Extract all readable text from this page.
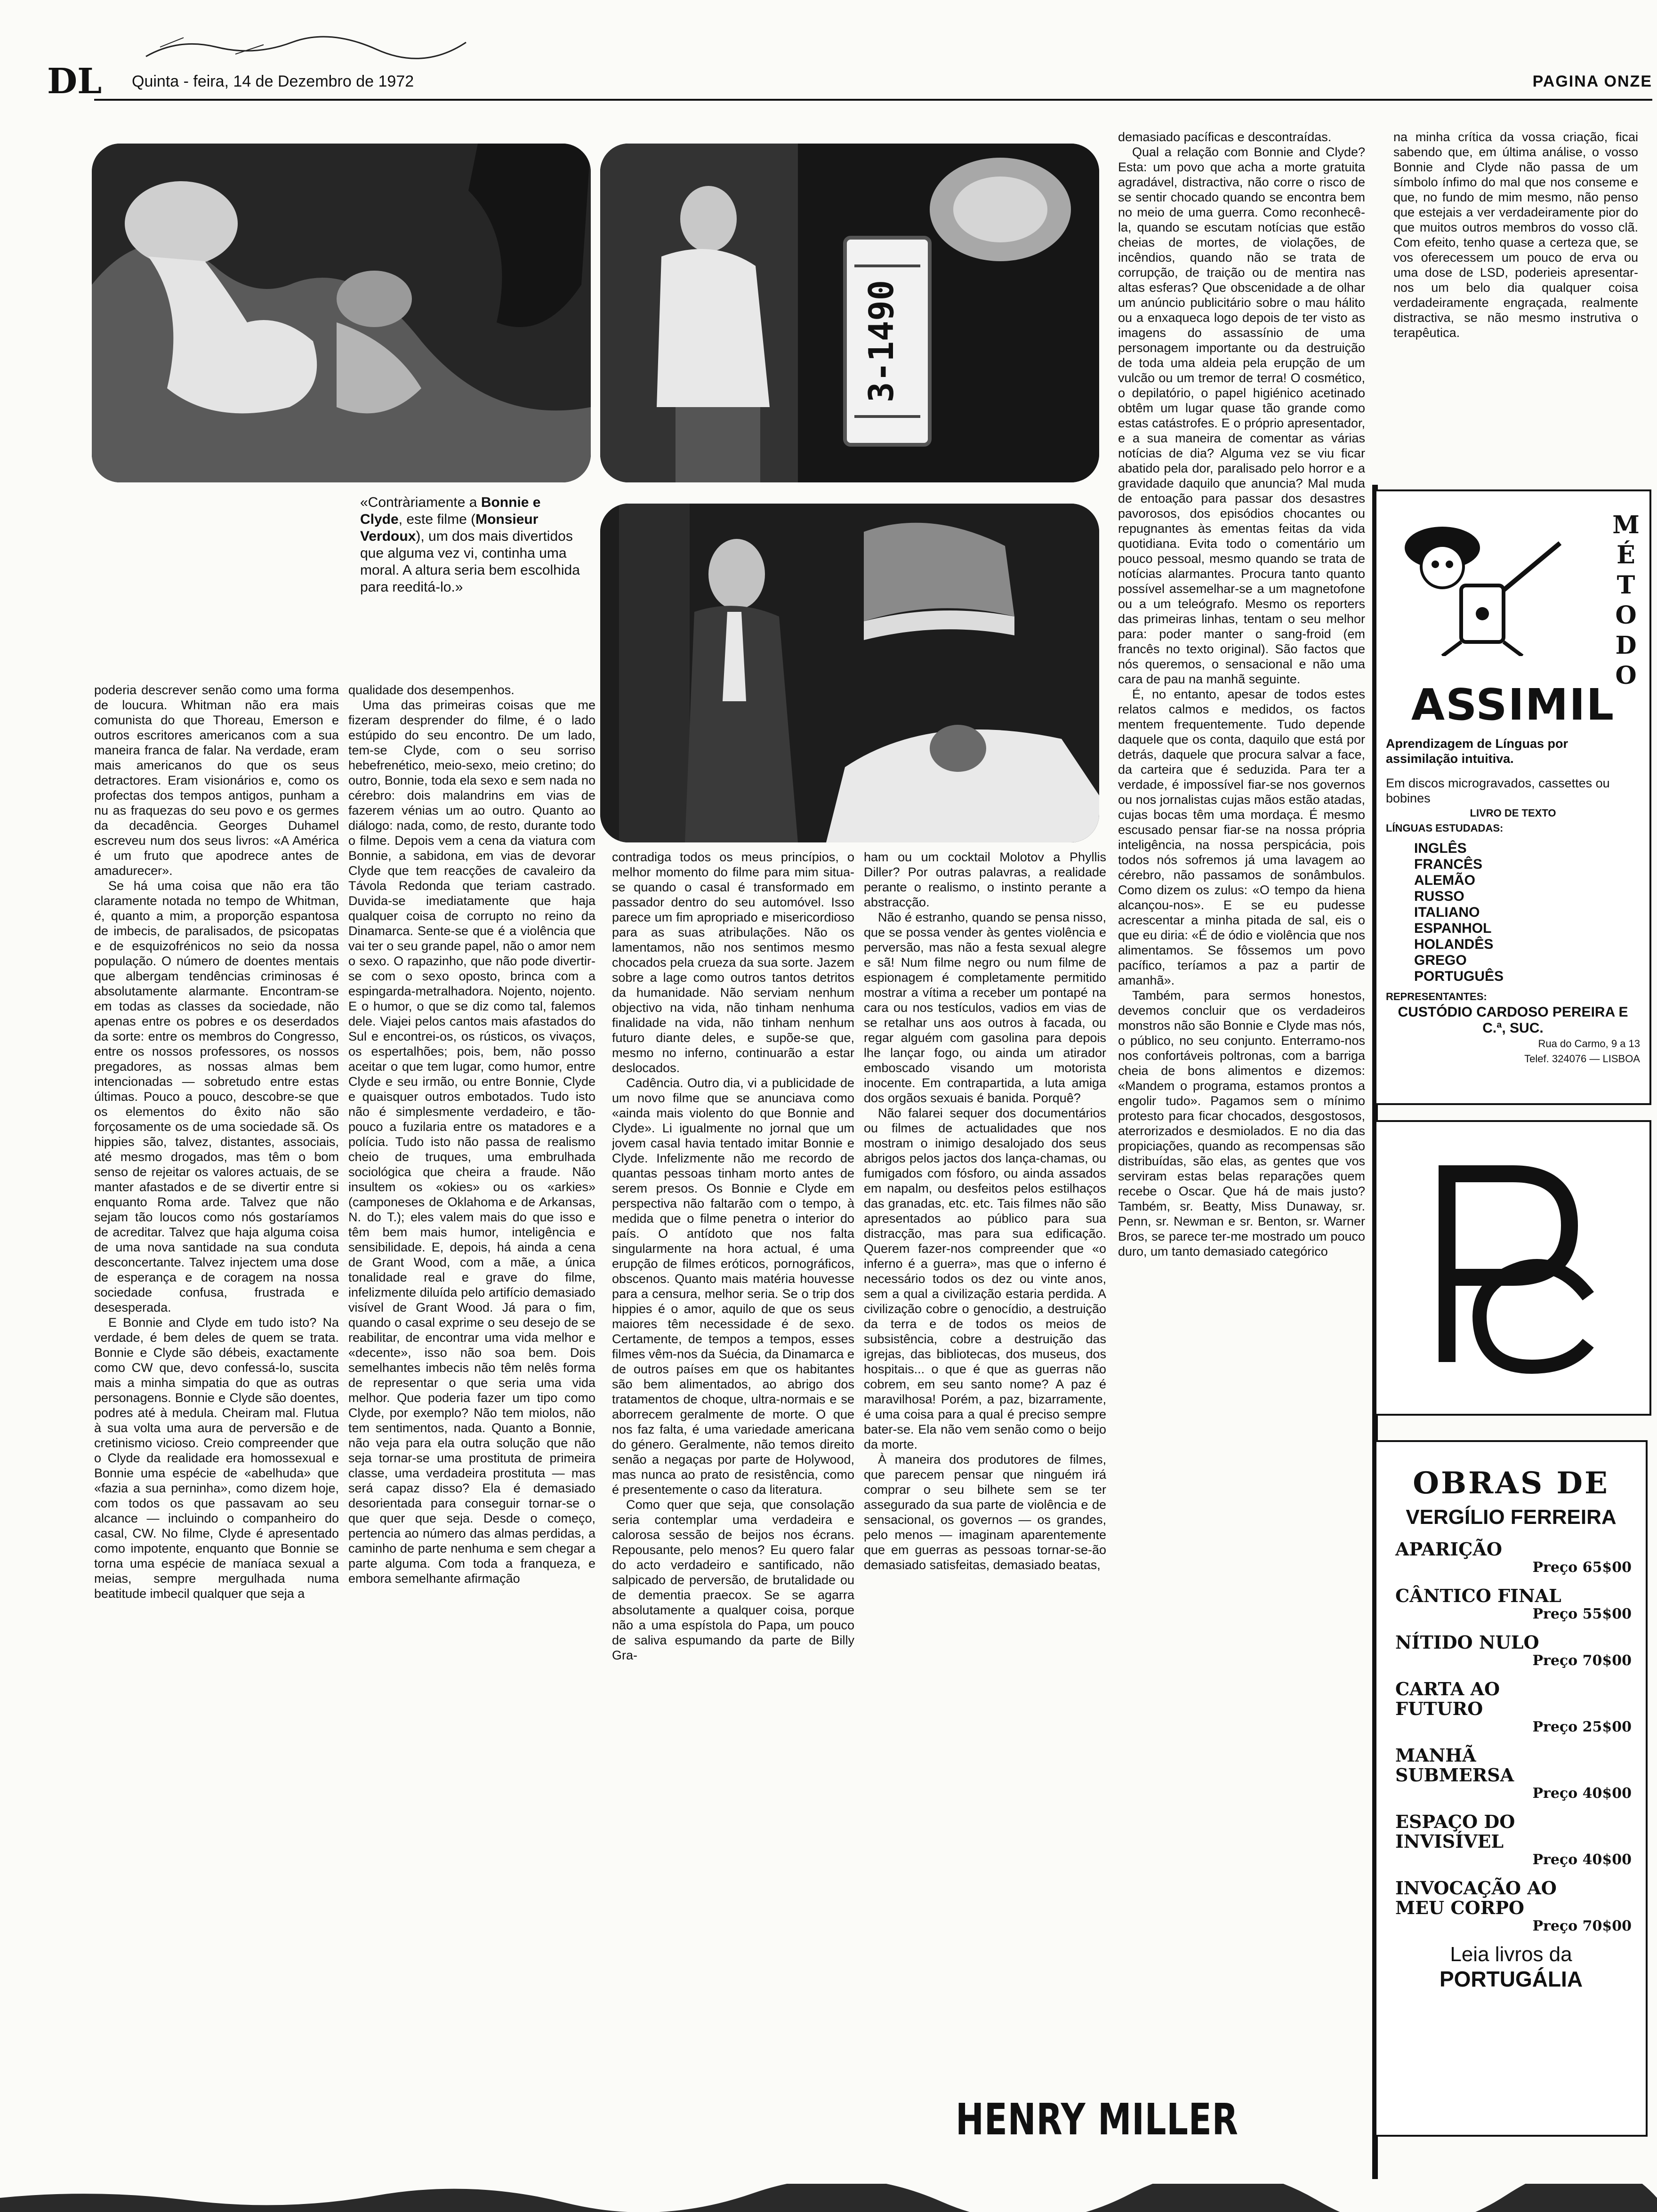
DL Quinta - feira, 14 de Dezembro de 1972	PAGINA ONZE
3-1490
«Contràriamente a Bonnie e Clyde, este filme (Monsieur Verdoux), um dos mais divertidos que alguma vez vi, continha uma moral. A altura seria bem escolhida para reeditá-lo.»

poderia descrever senão como uma forma de loucura. Whitman não era mais comunista do que Thoreau, Emerson e outros escritores americanos com a sua maneira franca de falar. Na verdade, eram mais americanos do que os seus detractores. Eram visionários e, como os profectas dos tempos antigos, punham a nu as fraquezas do seu povo e os germes da decadência. Georges Duhamel escreveu num dos seus livros: «A América é um fruto que apodrece antes de amadurecer».

Se há uma coisa que não era tão claramente notada no tempo de Whitman, é, quanto a mim, a proporção espantosa de imbecis, de paralisados, de psicopatas e de esquizofrénicos no seio da nossa população. O número de doentes mentais que albergam tendências criminosas é absolutamente alarmante. Encontram-se em todas as classes da sociedade, não apenas entre os pobres e os deserdados da sorte: entre os membros do Congresso, entre os nossos professores, os nossos pregadores, as nossas almas bem intencionadas — sobretudo entre estas últimas. Pouco a pouco, descobre-se que os elementos do êxito não são forçosamente os de uma sociedade sã. Os hippies são, talvez, distantes, associais, até mesmo drogados, mas têm o bom senso de rejeitar os valores actuais, de se manter afastados e de se divertir entre si enquanto Roma arde. Talvez que não sejam tão loucos como nós gostaríamos de acreditar. Talvez que haja alguma coisa de uma nova santidade na sua conduta desconcertante. Talvez injectem uma dose de esperança e de coragem na nossa sociedade confusa, frustrada e desesperada.

E Bonnie and Clyde em tudo isto? Na verdade, é bem deles de quem se trata. Bonnie e Clyde são débeis, exactamente como CW que, devo confessá-lo, suscita mais a minha simpatia do que as outras personagens. Bonnie e Clyde são doentes, podres até à medula. Cheiram mal. Flutua à sua volta uma aura de perversão e de cretinismo vicioso. Creio compreender que o Clyde da realidade era homossexual e Bonnie uma espécie de «abelhuda» que «fazia a sua perninha», como dizem hoje, com todos os que passavam ao seu alcance — incluindo o companheiro do casal, CW. No filme, Clyde é apresentado como impotente, enquanto que Bonnie se torna uma espécie de maníaca sexual a meias, sempre mergulhada numa beatitude imbecil qualquer que seja a

qualidade dos desempenhos.

Uma das primeiras coisas que me fizeram desprender do filme, é o lado estúpido do seu encontro. De um lado, tem-se Clyde, com o seu sorriso hebefrenético, meio-sexo, meio cretino; do outro, Bonnie, toda ela sexo e sem nada no cérebro: dois malandrins em vias de fazerem vénias um ao outro. Quanto ao diálogo: nada, como, de resto, durante todo o filme. Depois vem a cena da viatura com Bonnie, a sabidona, em vias de devorar Clyde que tem reacções de cavaleiro da Távola Redonda que teriam castrado. Duvida-se imediatamente que haja qualquer coisa de corrupto no reino da Dinamarca. Sente-se que é a violência que vai ter o seu grande papel, não o amor nem o sexo. O rapazinho, que não pode divertir-se com o sexo oposto, brinca com a espingarda-metralhadora. Nojento, nojento. E o humor, o que se diz como tal, falemos dele. Viajei pelos cantos mais afastados do Sul e encontrei-os, os rústicos, os vivaços, os espertalhões; pois, bem, não posso aceitar o que tem lugar, como humor, entre Clyde e seu irmão, ou entre Bonnie, Clyde e quaisquer outros embotados. Tudo isto não é simplesmente verdadeiro, e tão-pouco a fuzilaria entre os matadores e a polícia. Tudo isto não passa de realismo cheio de truques, uma embrulhada sociológica que cheira a fraude. Não insultem os «okies» ou os «arkies» (camponeses de Oklahoma e de Arkansas, N. do T.); eles valem mais do que isso e têm bem mais humor, inteligência e sensibilidade. E, depois, há ainda a cena de Grant Wood, com a mãe, a única tonalidade real e grave do filme, infelizmente diluída pelo artifício demasiado visível de Grant Wood. Já para o fim, quando o casal exprime o seu desejo de se reabilitar, de encontrar uma vida melhor e «decente», isso não soa bem. Dois semelhantes imbecis não têm nelês forma de representar o que seria uma vida melhor. Que poderia fazer um tipo como Clyde, por exemplo? Não tem miolos, não tem sentimentos, nada. Quanto a Bonnie, não veja para ela outra solução que não seja tornar-se uma prostituta de primeira classe, uma verdadeira prostituta — mas será capaz disso? Ela é demasiado desorientada para conseguir tornar-se o que quer que seja. Desde o começo, pertencia ao número das almas perdidas, a caminho de parte nenhuma e sem chegar a parte alguma. Com toda a franqueza, e embora semelhante afirmação

contradiga todos os meus princípios, o melhor momento do filme para mim situa-se quando o casal é transformado em passador dentro do seu automóvel. Isso parece um fim apropriado e misericordioso para as suas atribulações. Não os lamentamos, não nos sentimos mesmo chocados pela crueza da sua sorte. Jazem sobre a lage como outros tantos detritos da humanidade. Não serviam nenhum objectivo na vida, não tinham nenhuma finalidade na vida, não tinham nenhum futuro diante deles, e supõe-se que, mesmo no inferno, continuarão a estar deslocados.

Cadência. Outro dia, vi a publicidade de um novo filme que se anunciava como «ainda mais violento do que Bonnie and Clyde». Li igualmente no jornal que um jovem casal havia tentado imitar Bonnie e Clyde. Infelizmente não me recordo de quantas pessoas tinham morto antes de serem presos. Os Bonnie e Clyde em perspectiva não faltarão com o tempo, à medida que o filme penetra o interior do país. O antídoto que nos falta singularmente na hora actual, é uma erupção de filmes eróticos, pornográficos, obscenos. Quanto mais matéria houvesse para a censura, melhor seria. Se o trip dos hippies é o amor, aquilo de que os seus maiores têm necessidade é de sexo. Certamente, de tempos a tempos, esses filmes vêm-nos da Suécia, da Dinamarca e de outros países em que os habitantes são bem alimentados, ao abrigo dos tratamentos de choque, ultra-normais e se aborrecem geralmente de morte. O que nos faz falta, é uma variedade americana do género. Geralmente, não temos direito senão a negaças por parte de Holywood, mas nunca ao prato de resistência, como é presentemente o caso da literatura.

Como quer que seja, que consolação seria contemplar uma verdadeira e calorosa sessão de beijos nos écrans. Repousante, pelo menos? Eu quero falar do acto verdadeiro e santificado, não salpicado de perversão, de brutalidade ou de dementia praecox. Se se agarra absolutamente a qualquer coisa, porque não a uma espístola do Papa, um pouco de saliva espumando da parte de Billy Gra-

ham ou um cocktail Molotov a Phyllis Diller? Por outras palavras, a realidade perante o realismo, o instinto perante a abstracção.

Não é estranho, quando se pensa nisso, que se possa vender às gentes violência e perversão, mas não a festa sexual alegre e sã! Num filme negro ou num filme de espionagem é completamente permitido mostrar a vítima a receber um pontapé na cara ou nos testículos, vadios em vias de se retalhar uns aos outros à facada, ou regar alguém com gasolina para depois lhe lançar fogo, ou ainda um atirador emboscado visando um motorista inocente. Em contrapartida, a luta amiga dos orgãos sexuais é banida. Porquê?

Não falarei sequer dos documentários ou filmes de actualidades que nos mostram o inimigo desalojado dos seus abrigos pelos jactos dos lança-chamas, ou fumigados com fósforo, ou ainda assados em napalm, ou desfeitos pelos estilhaços das granadas, etc. etc. Tais filmes não são apresentados ao público para sua distracção, mas para sua edificação. Querem fazer-nos compreender que «o inferno é a guerra», mas que o inferno é necessário todos os dez ou vinte anos, sem a qual a civilização estaria perdida. A civilização cobre o genocídio, a destruição da terra e de todos os meios de subsistência, cobre a destruição das igrejas, das bibliotecas, dos museus, dos hospitais... o que é que as guerras não cobrem, em seu santo nome? A paz é maravilhosa! Porém, a paz, bizarramente, é uma coisa para a qual é preciso sempre bater-se. Ela não vem senão como o beijo da morte.

À maneira dos produtores de filmes, que parecem pensar que ninguém irá comprar o seu bilhete sem se ter assegurado da sua parte de violência e de sensacional, os governos — os grandes, pelo menos — imaginam aparentemente que em guerras as pessoas tornar-se-ão demasiado satisfeitas, demasiado beatas,

demasiado pacíficas e descontraídas.

Qual a relação com Bonnie and Clyde? Esta: um povo que acha a morte gratuita agradável, distractiva, não corre o risco de se sentir chocado quando se encontra bem no meio de uma guerra. Como reconhecê-la, quando se escutam notícias que estão cheias de mortes, de violações, de incêndios, quando não se trata de corrupção, de traição ou de mentira nas altas esferas? Que obscenidade a de olhar um anúncio publicitário sobre o mau hálito ou a enxaqueca logo depois de ter visto as imagens do assassínio de uma personagem importante ou da destruição de toda uma aldeia pela erupção de um vulcão ou um tremor de terra! O cosmético, o depilatório, o papel higiénico acetinado obtêm um lugar quase tão grande como estas catástrofes. E o próprio apresentador, e a sua maneira de comentar as várias notícias de dia? Alguma vez se viu ficar abatido pela dor, paralisado pelo horror e a gravidade daquilo que anuncia? Mal muda de entoação para passar dos desastres pavorosos, dos episódios chocantes ou repugnantes às ementas feitas da vida quotidiana. Evita todo o comentário um pouco pessoal, mesmo quando se trata de notícias alarmantes. Procura tanto quanto possível assemelhar-se a um magnetofone ou a um teleógrafo. Mesmo os reporters das primeiras linhas, tentam o seu melhor para: poder manter o sang-froid (em francês no texto original). São factos que nós queremos, o sensacional e não uma cara de pau na manhã seguinte.

É, no entanto, apesar de todos estes relatos calmos e medidos, os factos mentem frequentemente. Tudo depende daquele que os conta, daquilo que está por detrás, daquele que procura salvar a face, da carteira que é seduzida. Para ter a verdade, é impossível fiar-se nos governos ou nos jornalistas cujas mãos estão atadas, cujas bocas têm uma mordaça. É mesmo escusado pensar fiar-se na nossa própria inteligência, na nossa perspicácia, pois todos nós sofremos já uma lavagem ao cérebro, não passamos de sonâmbulos. Como dizem os zulus: «O tempo da hiena alcançou-nos». E se eu pudesse acrescentar a minha pitada de sal, eis o que eu diria: «É de ódio e violência que nos alimentamos. Se fôssemos um povo pacífico, teríamos a paz a partir de amanhã».

Também, para sermos honestos, devemos concluir que os verdadeiros monstros não são Bonnie e Clyde mas nós, o público, no seu conjunto. Enterramo-nos nos confortáveis poltronas, com a barriga cheia de bons alimentos e dizemos: «Mandem o programa, estamos prontos a engolir tudo». Pagamos sem o mínimo protesto para ficar chocados, desgostosos, aterrorizados e desmiolados. E no dia das propiciações, quando as recompensas são distribuídas, são elas, as gentes que vos serviram estas belas reparações quem recebe o Oscar. Que há de mais justo? Também, sr. Beatty, Miss Dunaway, sr. Penn, sr. Newman e sr. Benton, sr. Warner Bros, se parece ter-me mostrado um pouco duro, um tanto demasiado categórico

na minha crítica da vossa criação, ficai sabendo que, em última análise, o vosso Bonnie and Clyde não passa de um símbolo ínfimo do mal que nos conseme e que, no fundo de mim mesmo, não penso que estejais a ver verdadeiramente pior do que muitos outros membros do vosso clã. Com efeito, tenho quase a certeza que, se vos oferecessem um pouco de erva ou uma dose de LSD, poderieis apresentar-nos um belo dia qualquer coisa verdadeiramente engraçada, realmente distractiva, se não mesmo instrutiva o terapêutica.

HENRY MILLER
M
É
T
O
D
O
ASSIMIL
Aprendizagem de Línguas por assimilação intuitiva.
Em discos microgravados, cassettes ou bobines
LIVRO DE TEXTO
LÍNGUAS ESTUDADAS:
INGLÊS
FRANCÊS
ALEMÃO
RUSSO
ITALIANO
ESPANHOL
HOLANDÊS
GREGO
PORTUGUÊS
REPRESENTANTES:
CUSTÓDIO CARDOSO PEREIRA E C.ª, SUC.
Rua do Carmo, 9 a 13
Telef. 324076 — LISBOA
OBRAS DE
VERGÍLIO FERREIRA
APARIÇÃO
Preço 65$00
CÂNTICO FINAL
Preço 55$00
NÍTIDO NULO
Preço 70$00
CARTA AO FUTURO
Preço 25$00
MANHÃ SUBMERSA
Preço 40$00
ESPAÇO DO INVISÍVEL
Preço 40$00
INVOCAÇÃO AO MEU CORPO
Preço 70$00
Leia livros da
PORTUGÁLIA
